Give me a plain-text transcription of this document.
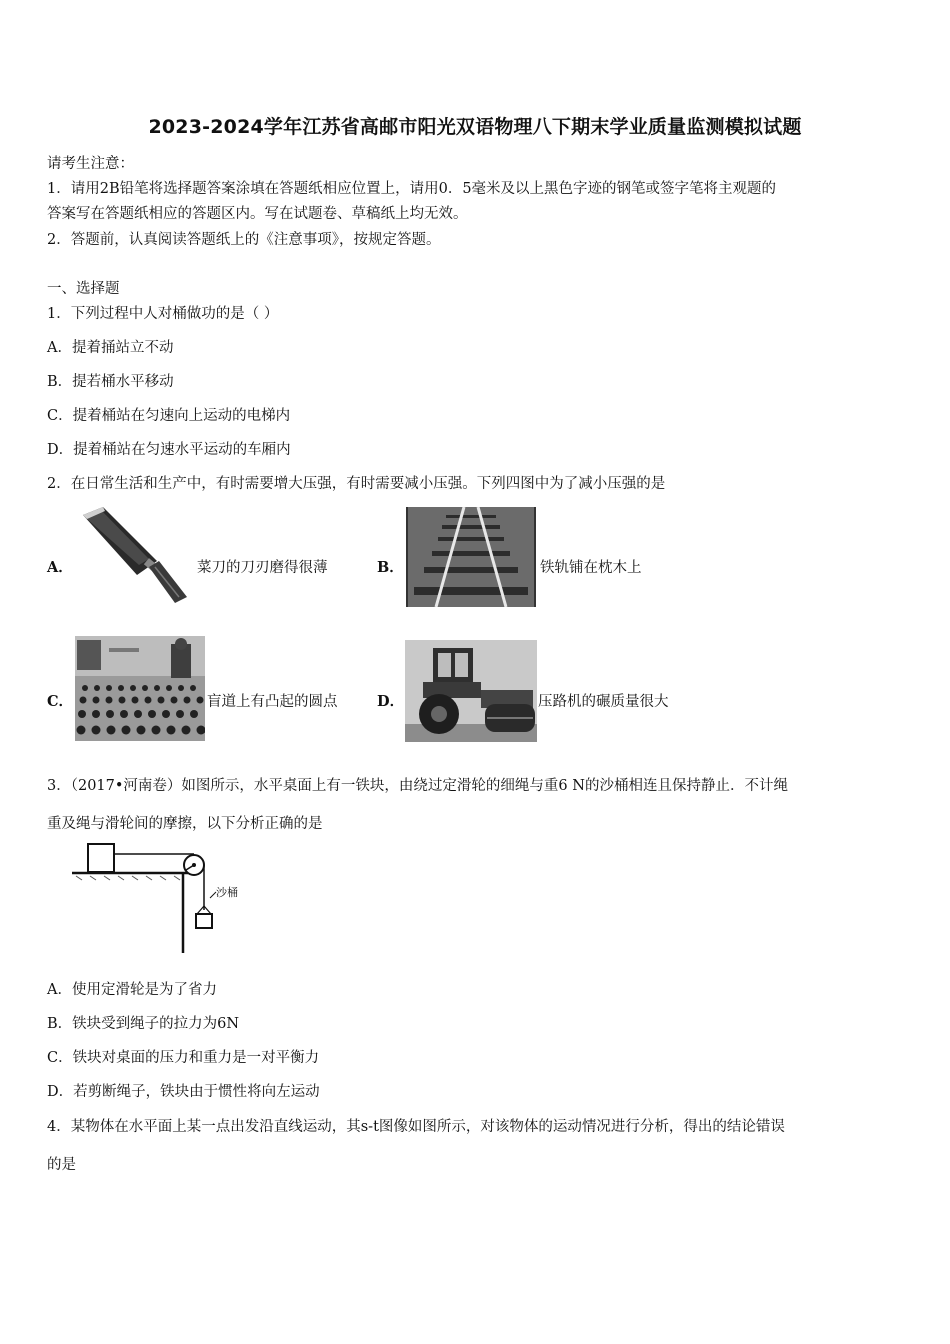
2023-2024学年江苏省高邮市阳光双语物理八下期末学业质量监测模拟试题
请考生注意：
1．请用2B铅笔将选择题答案涂填在答题纸相应位置上，请用0．5毫米及以上黑色字迹的钢笔或签字笔将主观题的
答案写在答题纸相应的答题区内。写在试题卷、草稿纸上均无效。
2．答题前，认真阅读答题纸上的《注意事项》，按规定答题。
一、选择题
1．下列过程中人对桶做功的是（ ）
A．提着捅站立不动
B．提若桶水平移动
C．提着桶站在匀速向上运动的电梯内
D．提着桶站在匀速水平运动的车厢内
2．在日常生活和生产中，有时需要增大压强，有时需要减小压强。下列四图中为了减小压强的是
A．	菜刀的刀刃磨得很薄	B．	铁轨铺在枕木上
C．	盲道上有凸起的圆点	D．	压路机的碾质量很大
3．（2017•河南卷）如图所示，水平桌面上有一铁块，由绕过定滑轮的细绳与重6 N的沙桶相连且保持静止．不计绳
重及绳与滑轮间的摩擦，以下分析正确的是
沙桶
A．使用定滑轮是为了省力
B．铁块受到绳子的拉力为6N
C．铁块对桌面的压力和重力是一对平衡力
D．若剪断绳子，铁块由于惯性将向左运动
4．某物体在水平面上某一点出发沿直线运动，其s-t图像如图所示，对该物体的运动情况进行分析，得出的结论错误
的是
